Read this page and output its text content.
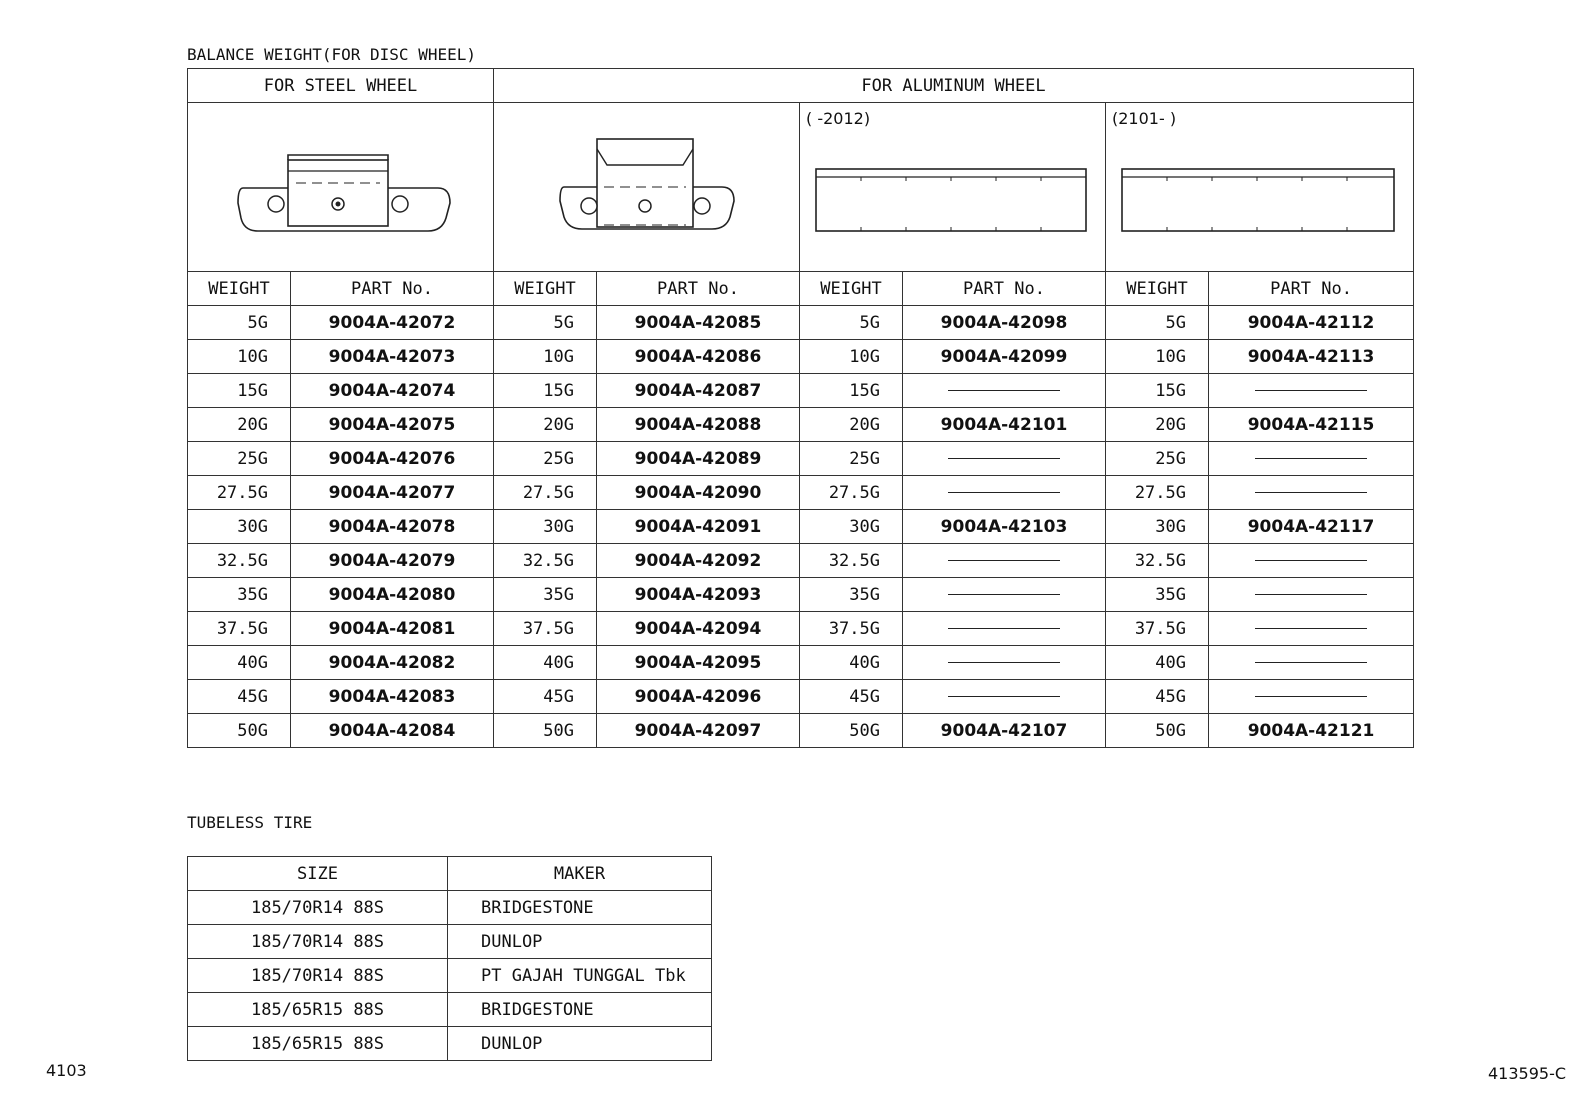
BALANCE WEIGHT(FOR DISC WHEEL)
FOR STEEL WHEEL		FOR ALUMINUM WHEEL					

( -2012)		(2101- )	

WEIGHT	PART No.	WEIGHT	PART No.	WEIGHT	PART No.	WEIGHT	PART No.
5G	9004A-42072	5G	9004A-42085	5G	9004A-42098	5G	9004A-42112
10G	9004A-42073	10G	9004A-42086	10G	9004A-42099	10G	9004A-42113
15G	9004A-42074	15G	9004A-42087	15G		15G	
20G	9004A-42075	20G	9004A-42088	20G	9004A-42101	20G	9004A-42115
25G	9004A-42076	25G	9004A-42089	25G		25G	
27.5G	9004A-42077	27.5G	9004A-42090	27.5G		27.5G	
30G	9004A-42078	30G	9004A-42091	30G	9004A-42103	30G	9004A-42117
32.5G	9004A-42079	32.5G	9004A-42092	32.5G		32.5G	
35G	9004A-42080	35G	9004A-42093	35G		35G	
37.5G	9004A-42081	37.5G	9004A-42094	37.5G		37.5G	
40G	9004A-42082	40G	9004A-42095	40G		40G	
45G	9004A-42083	45G	9004A-42096	45G		45G	
50G	9004A-42084	50G	9004A-42097	50G	9004A-42107	50G	9004A-42121
TUBELESS TIRE
SIZE	MAKER
185/70R14 88S	BRIDGESTONE
185/70R14 88S	DUNLOP
185/70R14 88S	PT GAJAH TUNGGAL Tbk
185/65R15 88S	BRIDGESTONE
185/65R15 88S	DUNLOP
4103	413595-C
